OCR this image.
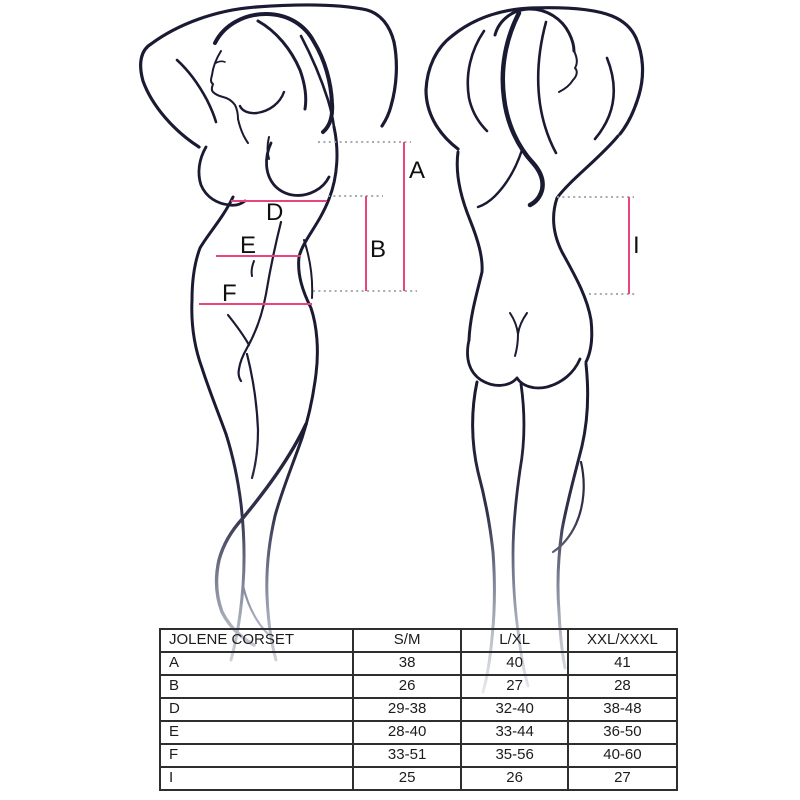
A
B
D
E
F
I
JOLENE CORSET	S/M	L/XL	XXL/XXXL
A	38	40	41
B	26	27	28
D	29-38	32-40	38-48
E	28-40	33-44	36-50
F	33-51	35-56	40-60
I	25	26	27
